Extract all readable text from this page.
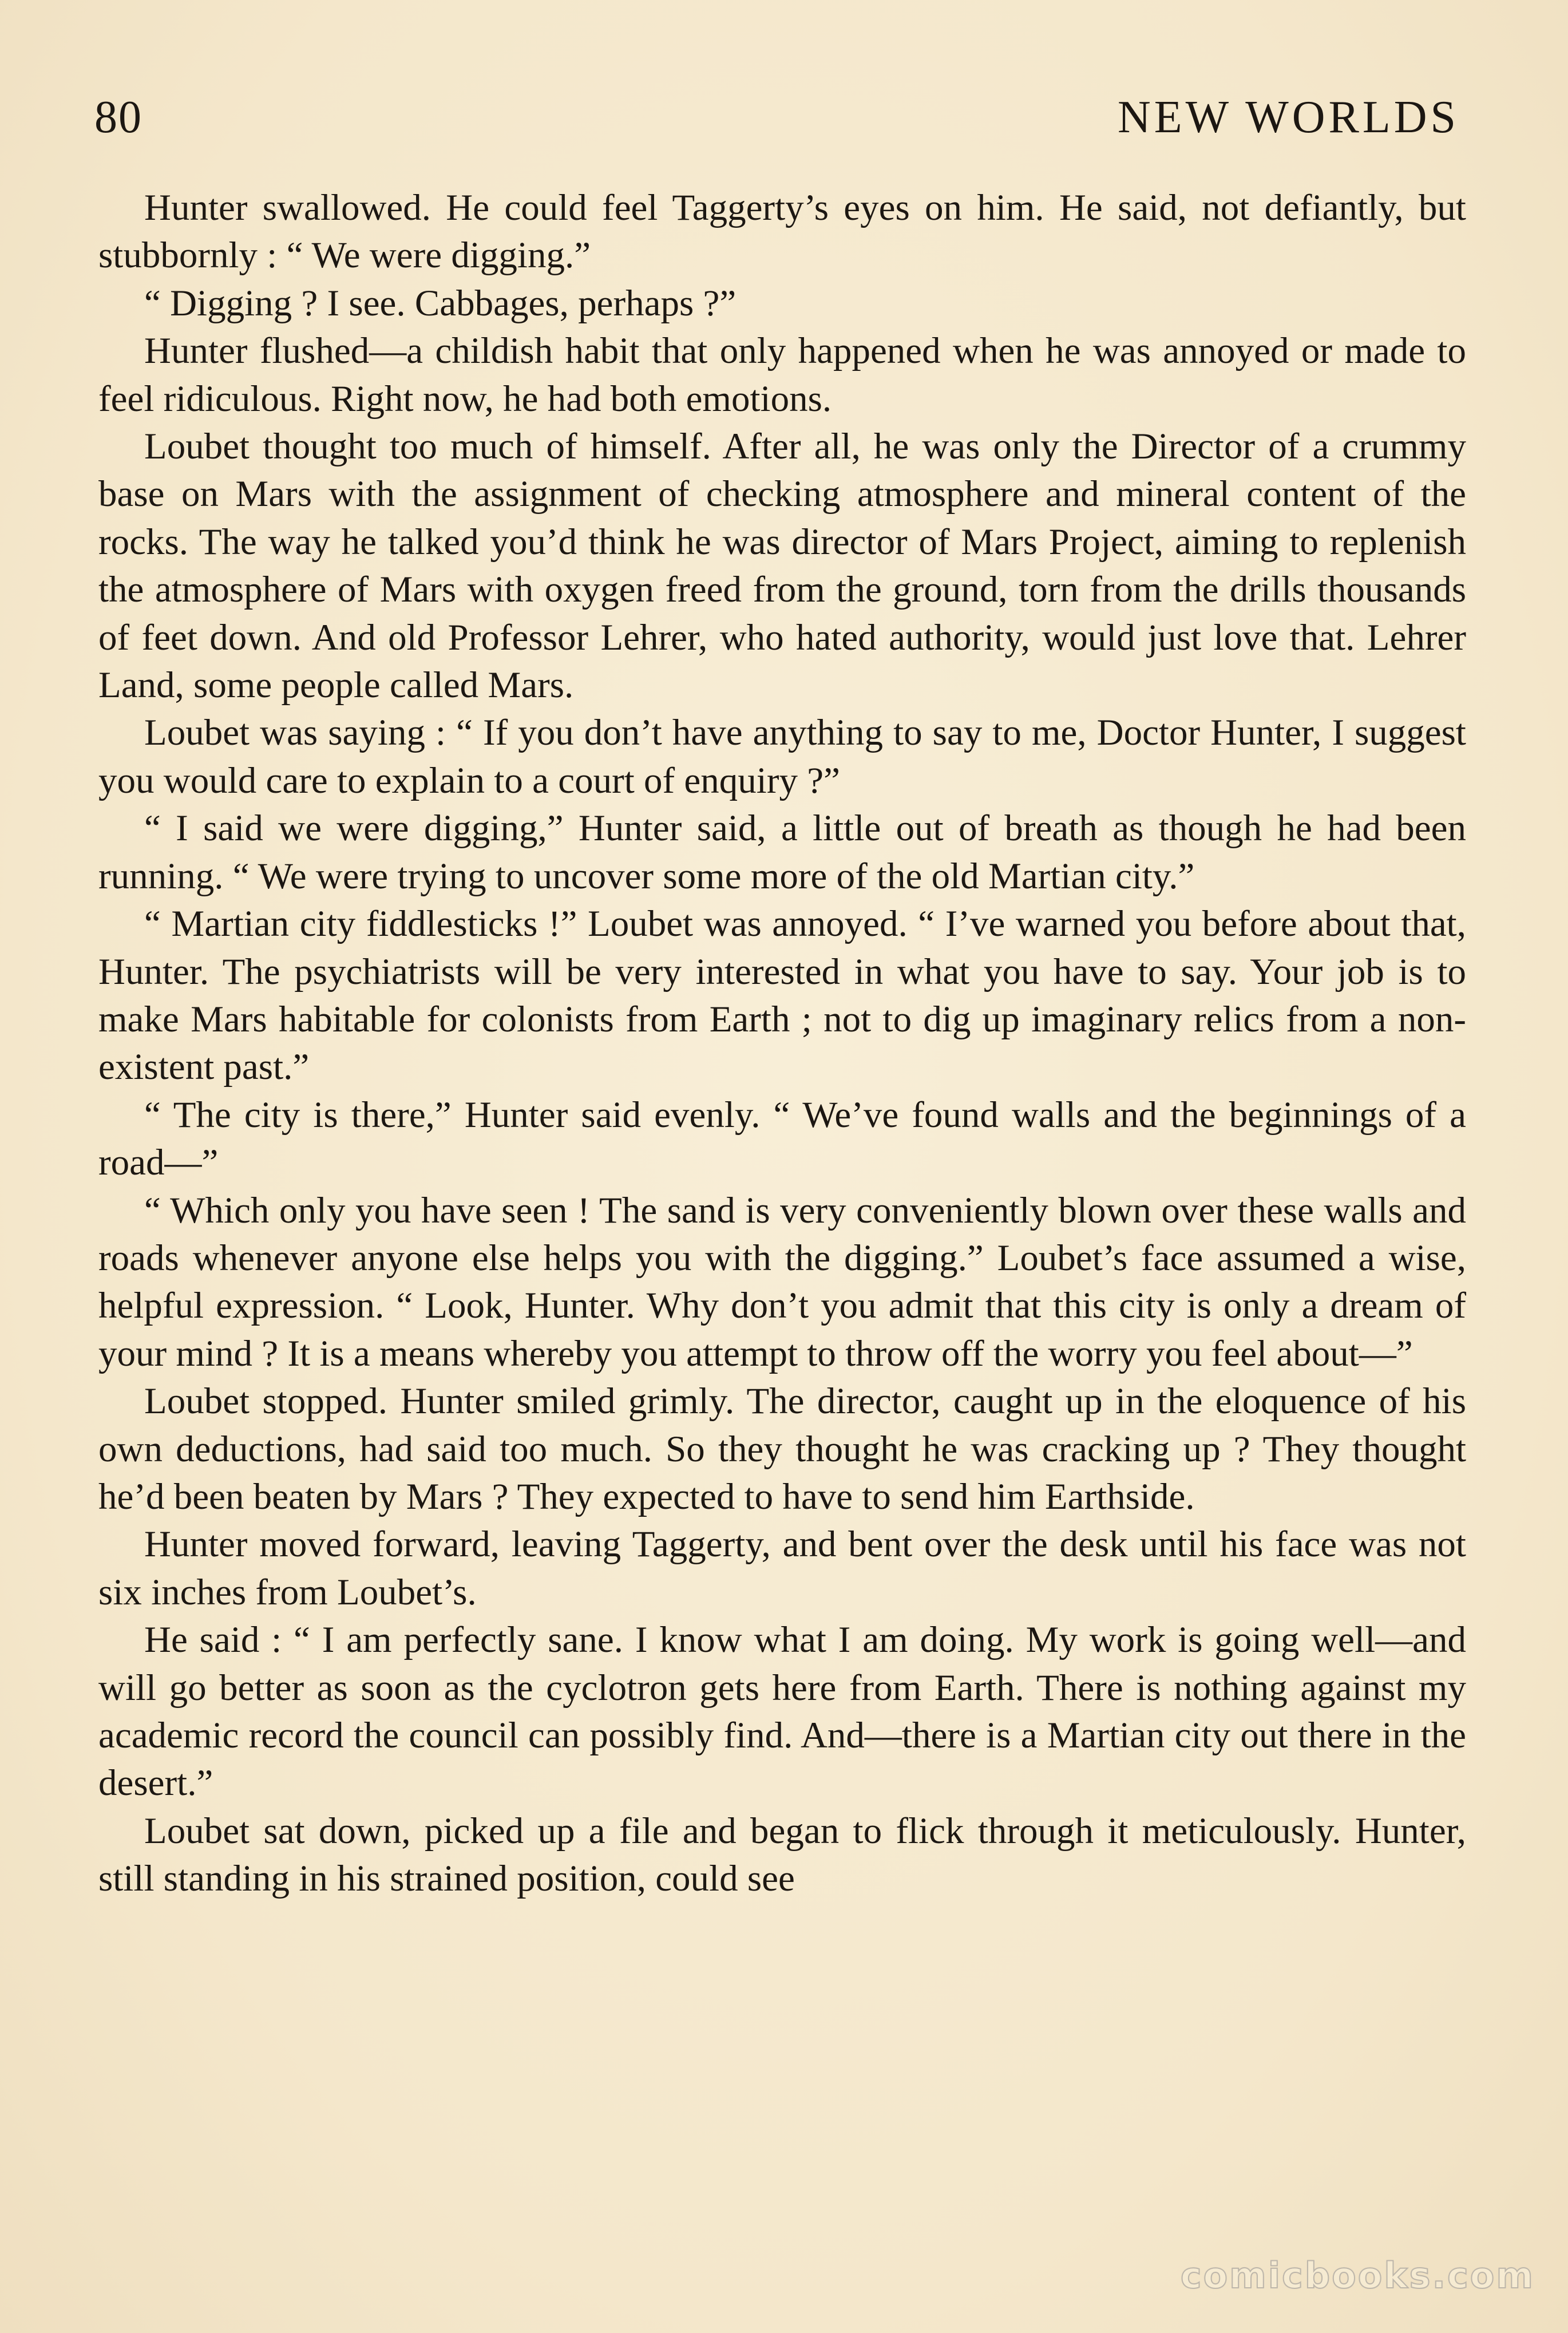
80	NEW WORLDS

Hunter swallowed. He could feel Taggerty’s eyes on him. He said, not defiantly, but stubbornly : “ We were digging.”

“ Digging ? I see. Cabbages, perhaps ?”

Hunter flushed—a childish habit that only happened when he was annoyed or made to feel ridiculous. Right now, he had both emotions.

Loubet thought too much of himself. After all, he was only the Director of a crummy base on Mars with the assignment of checking atmosphere and mineral content of the rocks. The way he talked you’d think he was director of Mars Project, aiming to replenish the atmosphere of Mars with oxygen freed from the ground, torn from the drills thousands of feet down. And old Professor Lehrer, who hated authority, would just love that. Lehrer Land, some people called Mars.

Loubet was saying : “ If you don’t have anything to say to me, Doctor Hunter, I suggest you would care to explain to a court of enquiry ?”

“ I said we were digging,” Hunter said, a little out of breath as though he had been running. “ We were trying to uncover some more of the old Martian city.”

“ Martian city fiddlesticks !” Loubet was annoyed. “ I’ve warned you before about that, Hunter. The psychiatrists will be very interested in what you have to say. Your job is to make Mars habitable for colonists from Earth ; not to dig up imaginary relics from a non-existent past.”

“ The city is there,” Hunter said evenly. “ We’ve found walls and the beginnings of a road—”

“ Which only you have seen ! The sand is very conveniently blown over these walls and roads whenever anyone else helps you with the digging.” Loubet’s face assumed a wise, helpful expression. “ Look, Hunter. Why don’t you admit that this city is only a dream of your mind ? It is a means whereby you attempt to throw off the worry you feel about—”

Loubet stopped. Hunter smiled grimly. The director, caught up in the eloquence of his own deductions, had said too much. So they thought he was cracking up ? They thought he’d been beaten by Mars ? They expected to have to send him Earthside.

Hunter moved forward, leaving Taggerty, and bent over the desk until his face was not six inches from Loubet’s.

He said : “ I am perfectly sane. I know what I am doing. My work is going well—and will go better as soon as the cyclotron gets here from Earth. There is nothing against my academic record the council can possibly find. And—there is a Martian city out there in the desert.”

Loubet sat down, picked up a file and began to flick through it meticulously. Hunter, still standing in his strained position, could see

comicbooks.com
